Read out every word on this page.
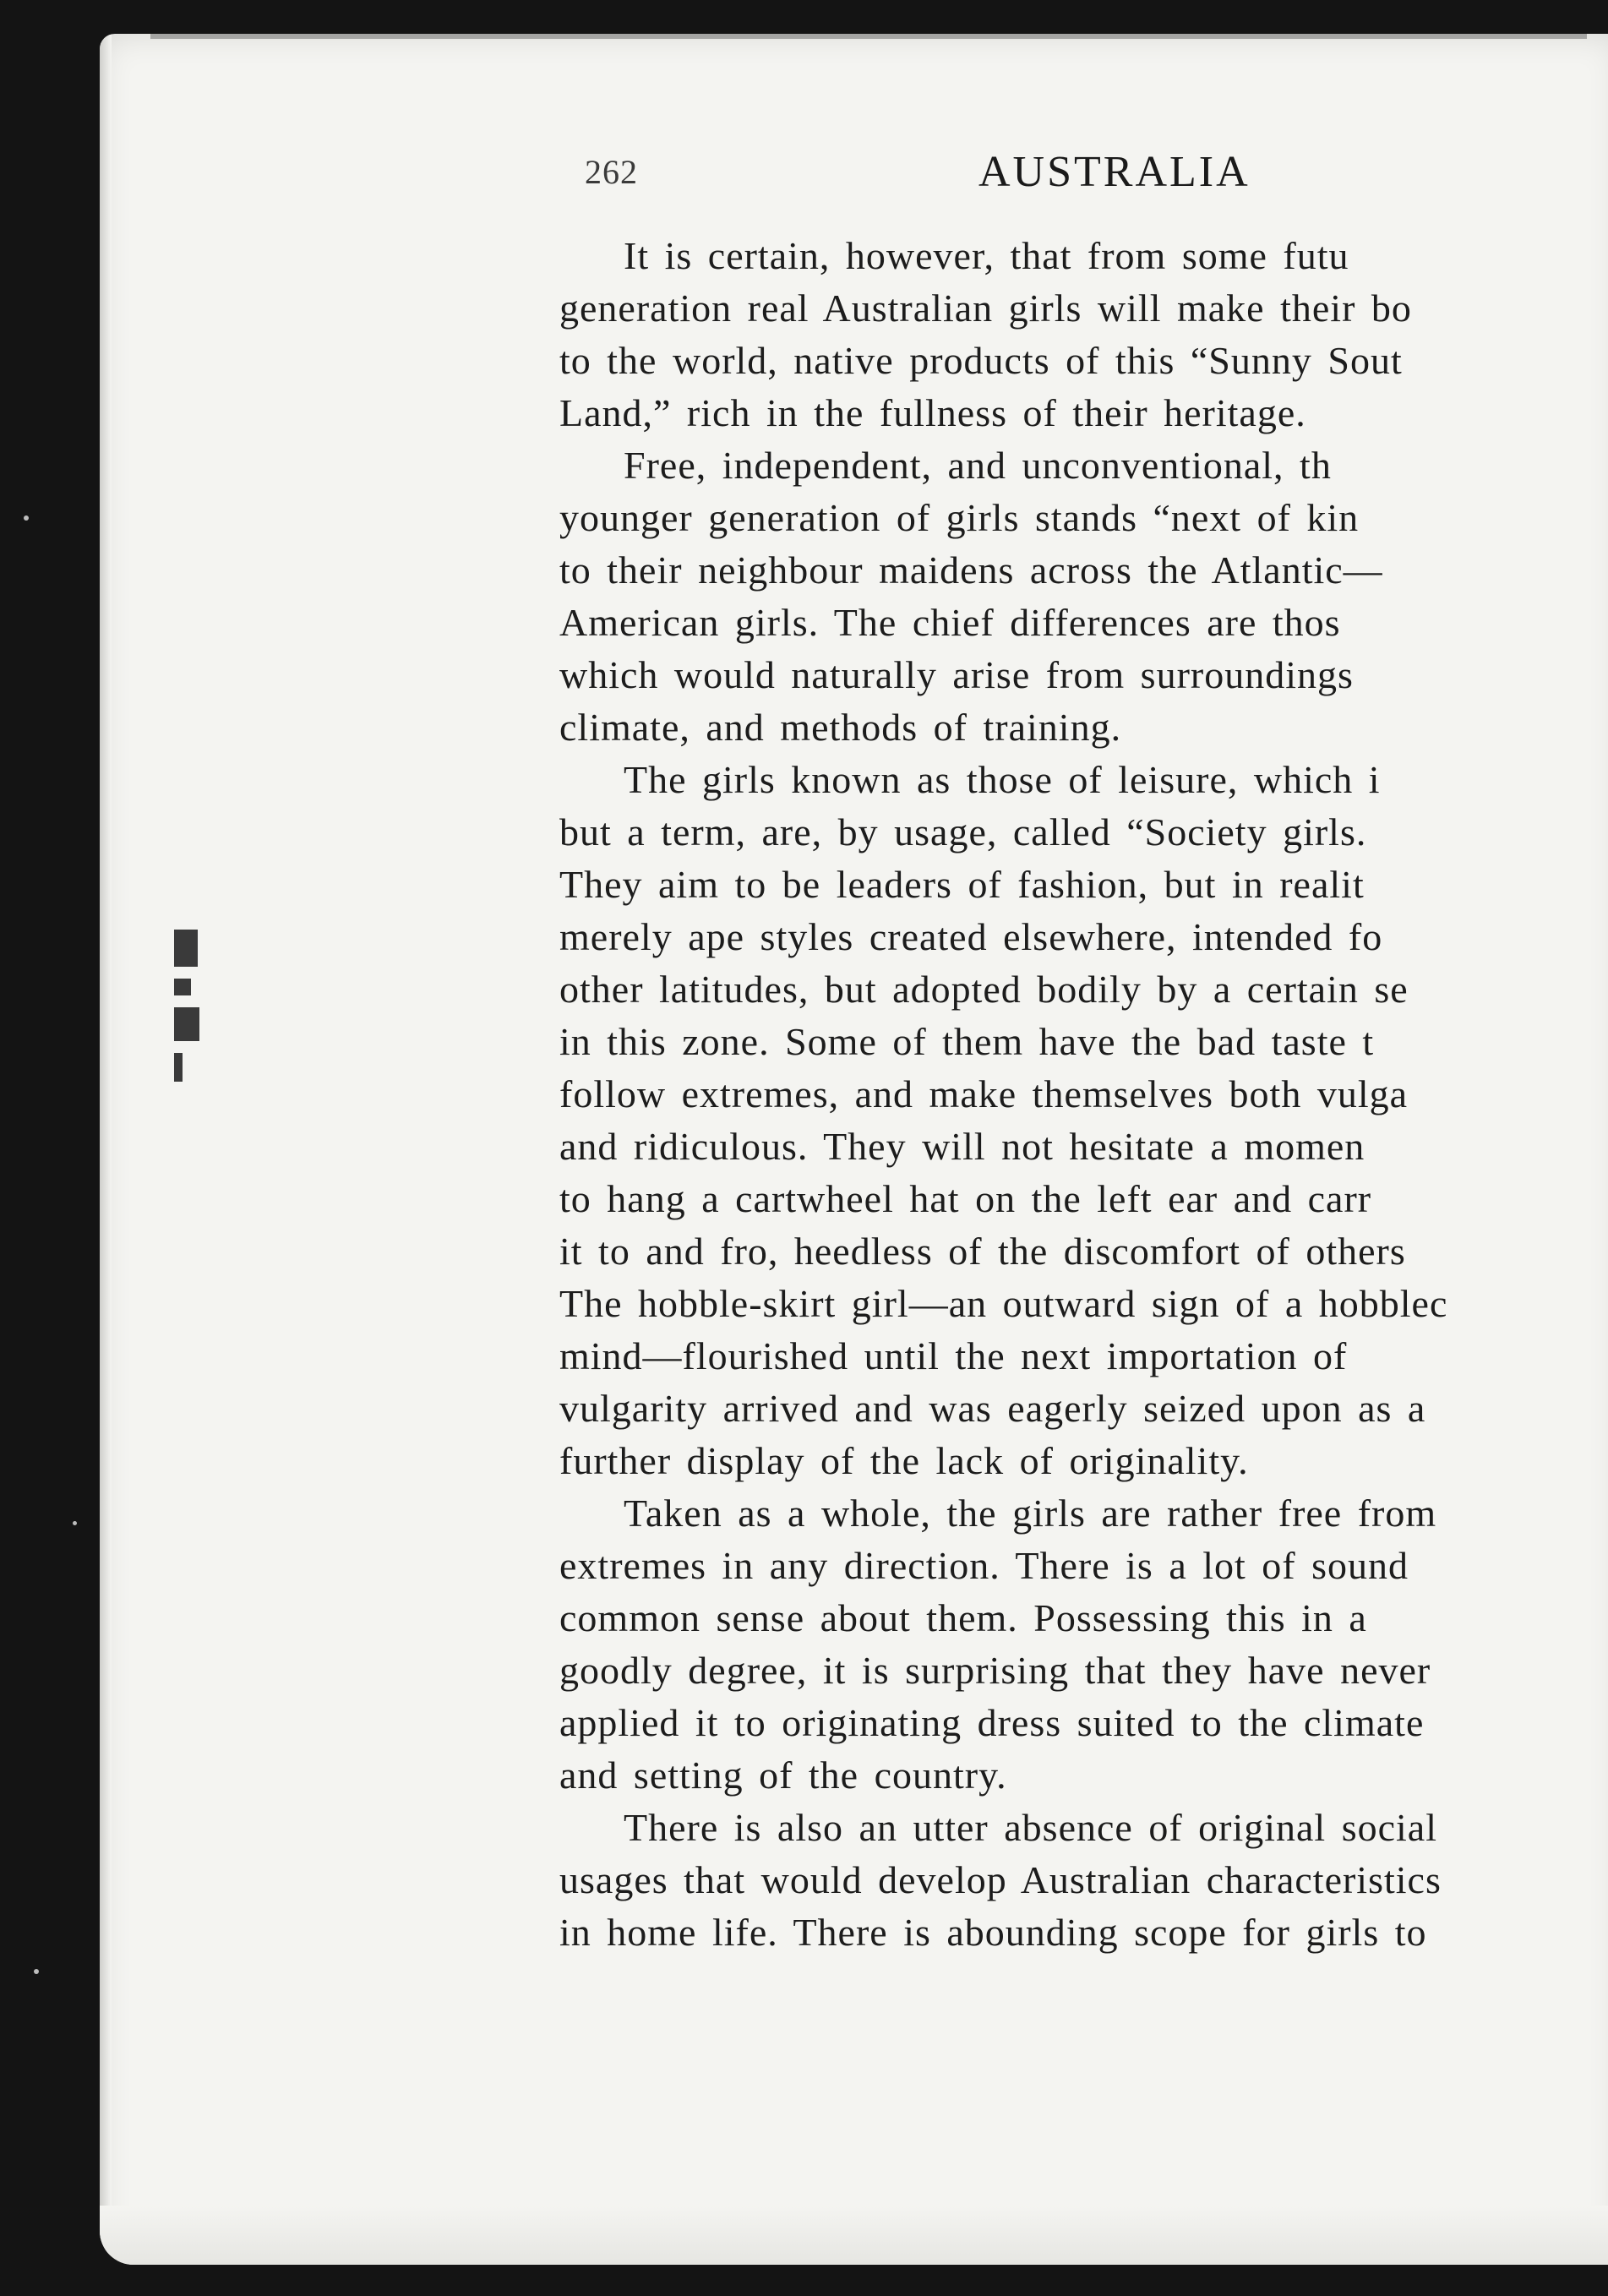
262	AUSTRALIA
It is certain, however, that from some futu
generation real Australian girls will make their bo
to the world, native products of this “Sunny Sout
Land,” rich in the fullness of their heritage.
Free, independent, and unconventional, th
younger generation of girls stands “next of kin
to their neighbour maidens across the Atlantic—
American girls. The chief differences are thos
which would naturally arise from surroundings
climate, and methods of training.
The girls known as those of leisure, which i
but a term, are, by usage, called “Society girls.
They aim to be leaders of fashion, but in realit
merely ape styles created elsewhere, intended fo
other latitudes, but adopted bodily by a certain se
in this zone. Some of them have the bad taste t
follow extremes, and make themselves both vulga
and ridiculous. They will not hesitate a momen
to hang a cartwheel hat on the left ear and carr
it to and fro, heedless of the discomfort of others
The hobble-skirt girl—an outward sign of a hobblec
mind—flourished until the next importation of
vulgarity arrived and was eagerly seized upon as a
further display of the lack of originality.
Taken as a whole, the girls are rather free from
extremes in any direction. There is a lot of sound
common sense about them. Possessing this in a
goodly degree, it is surprising that they have never
applied it to originating dress suited to the climate
and setting of the country.
There is also an utter absence of original social
usages that would develop Australian characteristics
in home life. There is abounding scope for girls to
